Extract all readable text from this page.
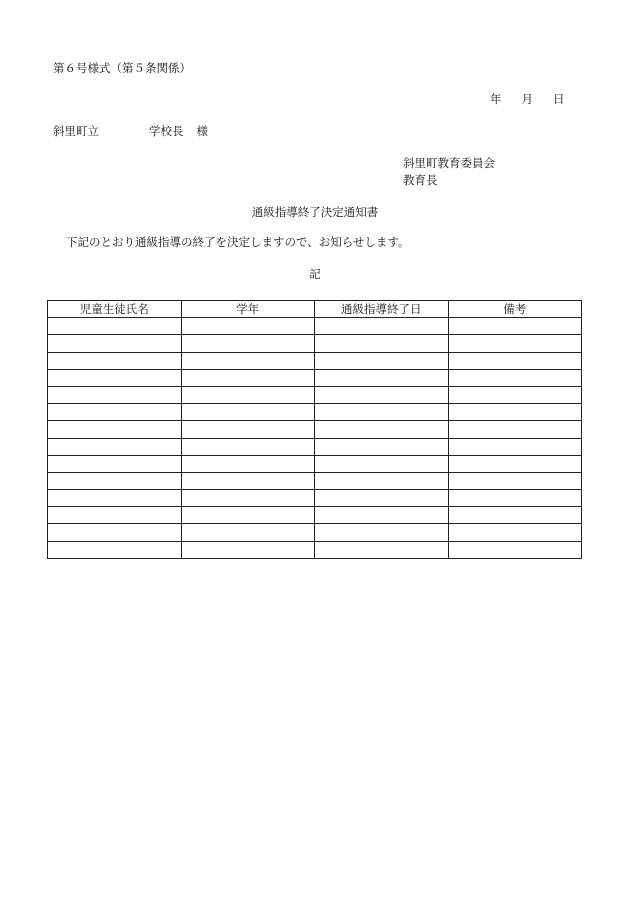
第６号様式（第５条関係）
年 月 日
斜里町立	学校長 様
斜里町教育委員会
教育長
通級指導終了決定通知書
下記のとおり通級指導の終了を決定しますので、お知らせします。
記
児童生徒氏名	学年	通級指導終了日	備考
